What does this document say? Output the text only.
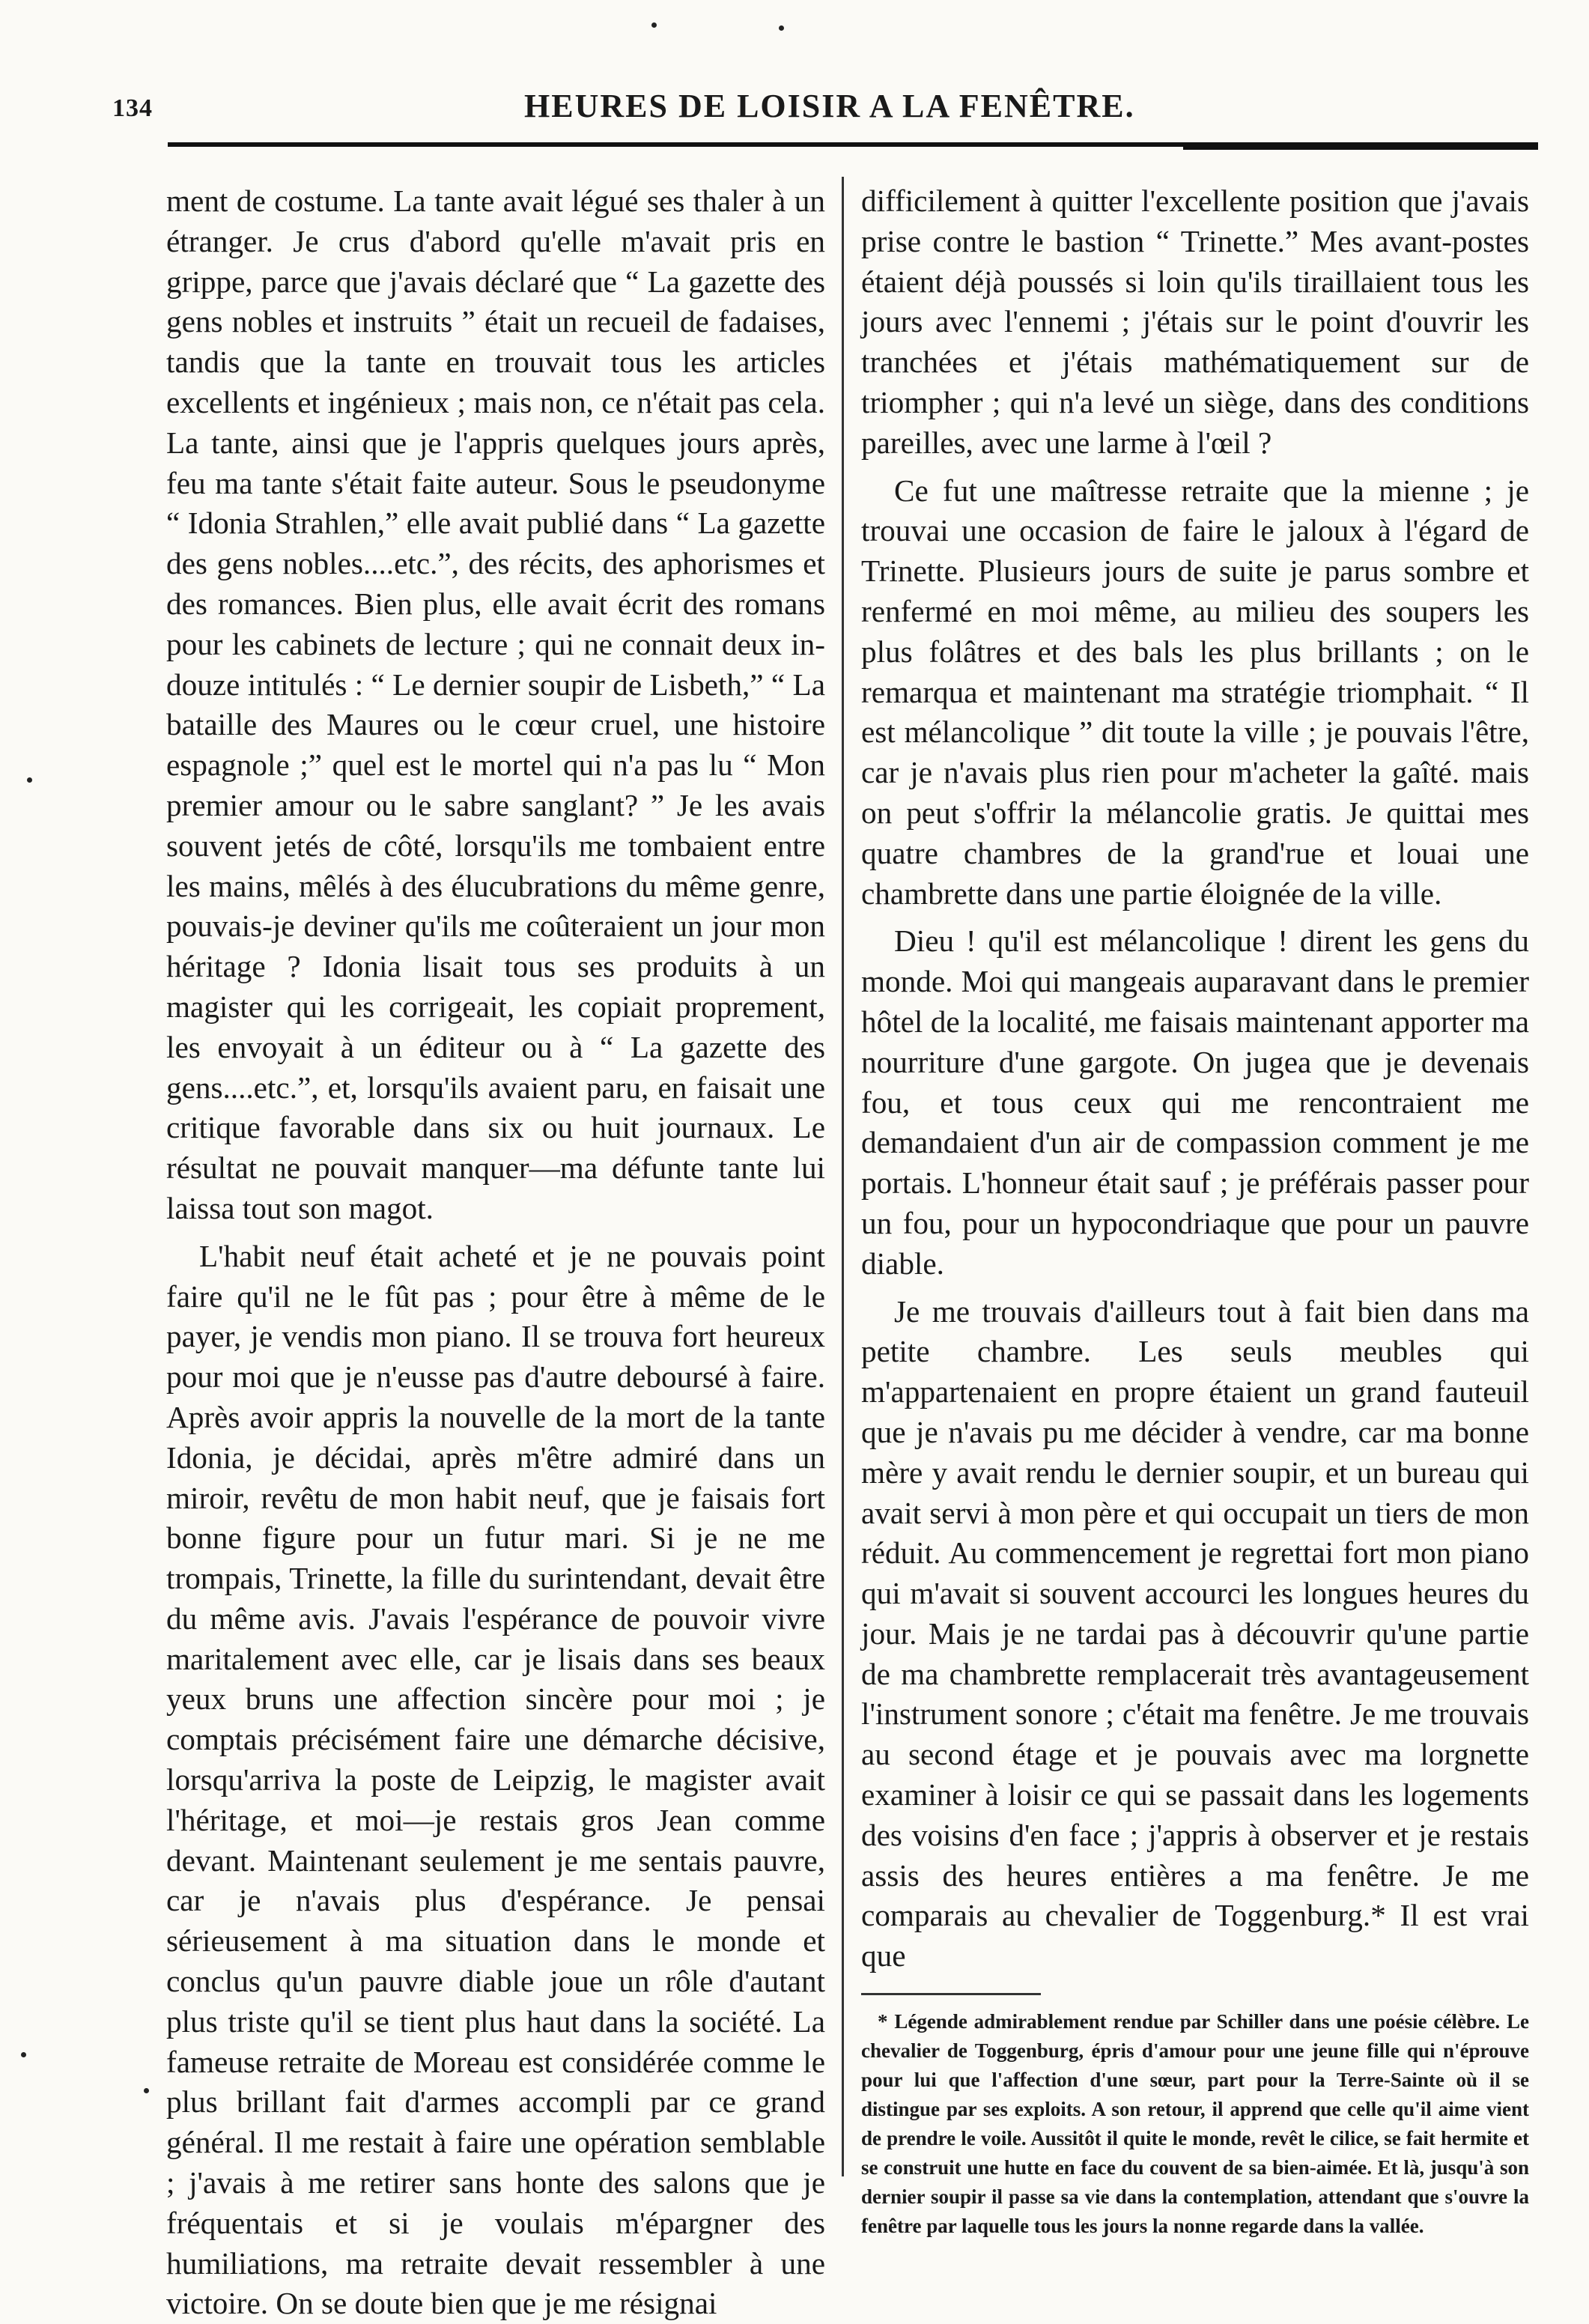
134	HEURES DE LOISIR A LA FENÊTRE.

ment de costume. La tante avait légué ses thaler à un étranger. Je crus d'abord qu'elle m'avait pris en grippe, parce que j'avais déclaré que “ La gazette des gens nobles et instruits ” était un recueil de fadaises, tandis que la tante en trouvait tous les articles excellents et ingénieux ; mais non, ce n'était pas cela. La tante, ainsi que je l'appris quelques jours après, feu ma tante s'était faite auteur. Sous le pseudonyme “ Idonia Strahlen,” elle avait publié dans “ La gazette des gens nobles....etc.”, des récits, des aphorismes et des romances. Bien plus, elle avait écrit des romans pour les cabinets de lecture ; qui ne connait deux in-douze intitulés : “ Le dernier soupir de Lisbeth,” “ La bataille des Maures ou le cœur cruel, une histoire espagnole ;” quel est le mortel qui n'a pas lu “ Mon premier amour ou le sabre sanglant? ” Je les avais souvent jetés de côté, lorsqu'ils me tombaient entre les mains, mêlés à des élucubrations du même genre, pouvais-je deviner qu'ils me coûteraient un jour mon héritage ? Idonia lisait tous ses produits à un magister qui les corrigeait, les copiait proprement, les envoyait à un éditeur ou à “ La gazette des gens....etc.”, et, lorsqu'ils avaient paru, en faisait une critique favorable dans six ou huit journaux. Le résultat ne pouvait manquer—ma défunte tante lui laissa tout son magot.

L'habit neuf était acheté et je ne pouvais point faire qu'il ne le fût pas ; pour être à même de le payer, je vendis mon piano. Il se trouva fort heureux pour moi que je n'eusse pas d'autre deboursé à faire. Après avoir appris la nouvelle de la mort de la tante Idonia, je décidai, après m'être admiré dans un miroir, revêtu de mon habit neuf, que je faisais fort bonne figure pour un futur mari. Si je ne me trompais, Trinette, la fille du surintendant, devait être du même avis. J'avais l'espérance de pouvoir vivre maritalement avec elle, car je lisais dans ses beaux yeux bruns une affection sincère pour moi ; je comptais précisément faire une démarche décisive, lorsqu'arriva la poste de Leipzig, le magister avait l'héritage, et moi—je restais gros Jean comme devant. Maintenant seulement je me sentais pauvre, car je n'avais plus d'espérance. Je pensai sérieusement à ma situation dans le monde et conclus qu'un pauvre diable joue un rôle d'autant plus triste qu'il se tient plus haut dans la société. La fameuse retraite de Moreau est considérée comme le plus brillant fait d'armes accompli par ce grand général. Il me restait à faire une opération semblable ; j'avais à me retirer sans honte des salons que je fréquentais et si je voulais m'épargner des humiliations, ma retraite devait ressembler à une victoire. On se doute bien que je me résignai

difficilement à quitter l'excellente position que j'avais prise contre le bastion “ Trinette.” Mes avant-postes étaient déjà poussés si loin qu'ils tiraillaient tous les jours avec l'ennemi ; j'étais sur le point d'ouvrir les tranchées et j'étais mathématiquement sur de triompher ; qui n'a levé un siège, dans des conditions pareilles, avec une larme à l'œil ?

Ce fut une maîtresse retraite que la mienne ; je trouvai une occasion de faire le jaloux à l'égard de Trinette. Plusieurs jours de suite je parus sombre et renfermé en moi même, au milieu des soupers les plus folâtres et des bals les plus brillants ; on le remarqua et maintenant ma stratégie triomphait. “ Il est mélancolique ” dit toute la ville ; je pouvais l'être, car je n'avais plus rien pour m'acheter la gaîté. mais on peut s'offrir la mélancolie gratis. Je quittai mes quatre chambres de la grand'rue et louai une chambrette dans une partie éloignée de la ville.

Dieu ! qu'il est mélancolique ! dirent les gens du monde. Moi qui mangeais auparavant dans le premier hôtel de la localité, me faisais maintenant apporter ma nourriture d'une gargote. On jugea que je devenais fou, et tous ceux qui me rencontraient me demandaient d'un air de compassion comment je me portais. L'honneur était sauf ; je préférais passer pour un fou, pour un hypocondriaque que pour un pauvre diable.

Je me trouvais d'ailleurs tout à fait bien dans ma petite chambre. Les seuls meubles qui m'appartenaient en propre étaient un grand fauteuil que je n'avais pu me décider à vendre, car ma bonne mère y avait rendu le dernier soupir, et un bureau qui avait servi à mon père et qui occupait un tiers de mon réduit. Au commencement je regrettai fort mon piano qui m'avait si souvent accourci les longues heures du jour. Mais je ne tardai pas à découvrir qu'une partie de ma chambrette remplacerait très avantageusement l'instrument sonore ; c'était ma fenêtre. Je me trouvais au second étage et je pouvais avec ma lorgnette examiner à loisir ce qui se passait dans les logements des voisins d'en face ; j'appris à observer et je restais assis des heures entières a ma fenêtre. Je me comparais au chevalier de Toggenburg.* Il est vrai que

* Légende admirablement rendue par Schiller dans une poésie célèbre. Le chevalier de Toggenburg, épris d'amour pour une jeune fille qui n'éprouve pour lui que l'affection d'une sœur, part pour la Terre-Sainte où il se distingue par ses exploits. A son retour, il apprend que celle qu'il aime vient de prendre le voile. Aussitôt il quite le monde, revêt le cilice, se fait hermite et se construit une hutte en face du couvent de sa bien-aimée. Et là, jusqu'à son dernier soupir il passe sa vie dans la contemplation, attendant que s'ouvre la fenêtre par laquelle tous les jours la nonne regarde dans la vallée.
